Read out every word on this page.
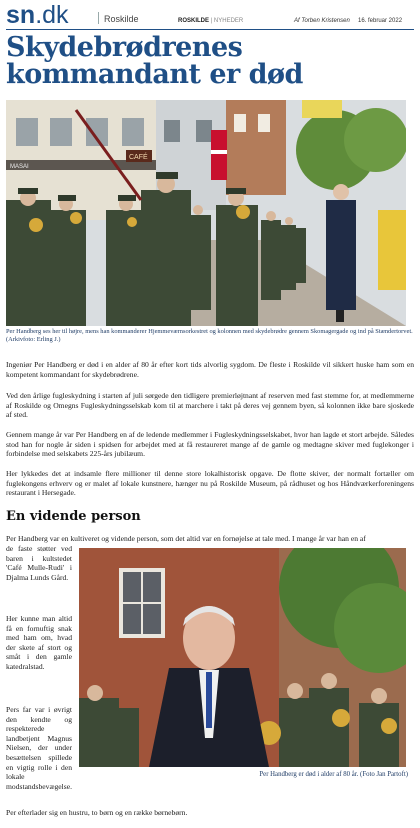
sn.dk	Roskilde	ROSKILDE | NYHEDER	Af Torben Kristensen 16. februar 2022
Skydebrødrenes kommandant er død
MASAI
CAFÉ
Per Handberg ses her til højre, mens han kommanderer Hjemmeværnsorkestret og kolonnen med skydebrødre gennem Skomagergade og ind på Stændertorvet. (Arkivfoto: Erling J.)

Ingeniør Per Handberg er død i en alder af 80 år efter kort tids alvorlig sygdom. De fleste i Roskilde vil sikkert huske ham som en kompetent kommandant for skydebrødrene.

Ved den årlige fugleskydning i starten af juli sørgede den tidligere premierløjtnant af reserven med fast stemme for, at medlemmerne af Roskilde og Omegns Fugleskydningsselskab kom til at marchere i takt på deres vej gennem byen, så kolonnen ikke bare sjoskede af sted.

Gennem mange år var Per Handberg en af de ledende medlemmer i Fugleskydningsselskabet, hvor han lagde et stort arbejde. Således stod han for nogle år siden i spidsen for arbejdet med at få restaureret mange af de gamle og medtagne skiver med fuglekonger i forbindelse med selskabets 225-års jubilæum.

Her lykkedes det at indsamle flere millioner til denne store lokalhistorisk opgave. De flotte skiver, der normalt fortæller om fuglekongens erhverv og er malet af lokale kunstnere, hænger nu på Roskilde Museum, på rådhuset og hos Håndværkerforeningens restaurant i Hersegade.

En vidende person

Per Handberg var en kultiveret og vidende person, som det altid var en fornøjelse at tale med. I mange år var han en af

de faste støtter ved baren i kultstedet 'Café Mulle-Rudi' i Djalma Lunds Gård.

Her kunne man altid få en fornuftig snak med ham om, hvad der skete af stort og småt i den gamle katedralstad.

Pers far var i øvrigt den kendte og respekterede landbetjent Magnus Nielsen, der under besættelsen spillede en vigtig rolle i den lokale modstandsbevægelse.

Per Handberg er død i alder af 80 år. (Foto Jan Partoft)

Per efterlader sig en hustru, to børn og en række børnebørn.
